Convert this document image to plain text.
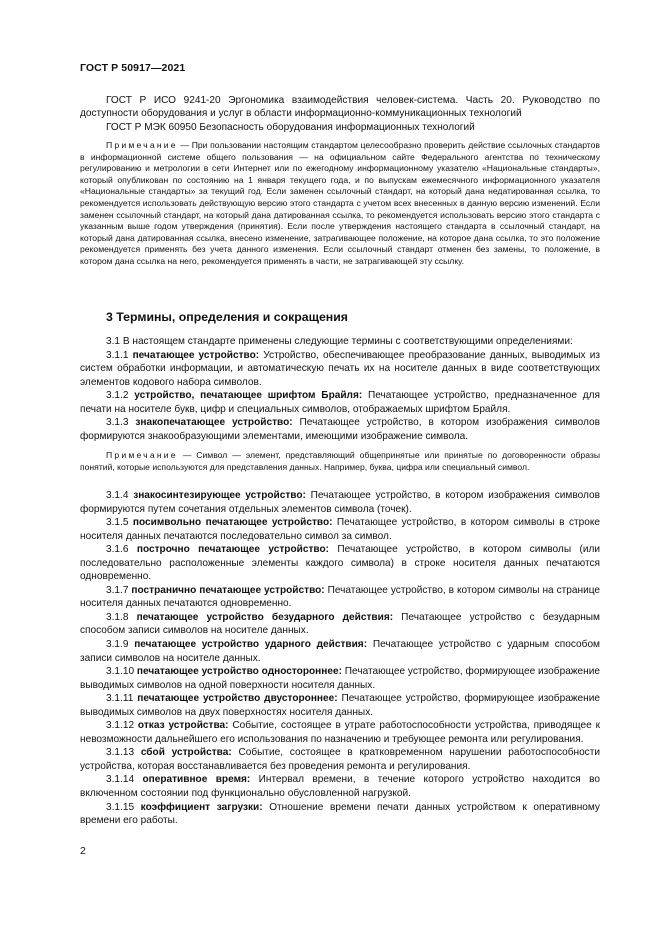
ГОСТ Р 50917—2021

ГОСТ Р ИСО 9241-20 Эргономика взаимодействия человек-система. Часть 20. Руководство по доступности оборудования и услуг в области информационно-коммуникационных технологий

ГОСТ Р МЭК 60950 Безопасность оборудования информационных технологий

Примечание — При пользовании настоящим стандартом целесообразно проверить действие ссылочных стандартов в информационной системе общего пользования — на официальном сайте Федерального агентства по техническому регулированию и метрологии в сети Интернет или по ежегодному информационному указателю «Национальные стандарты», который опубликован по состоянию на 1 января текущего года, и по выпускам ежемесячного информационного указателя «Национальные стандарты» за текущий год. Если заменен ссылочный стандарт, на который дана недатированная ссылка, то рекомендуется использовать действующую версию этого стандарта с учетом всех внесенных в данную версию изменений. Если заменен ссылочный стандарт, на который дана датированная ссылка, то рекомендуется использовать версию этого стандарта с указанным выше годом утверждения (принятия). Если после утверждения настоящего стандарта в ссылочный стандарт, на который дана датированная ссылка, внесено изменение, затрагивающее положение, на которое дана ссылка, то это положение рекомендуется применять без учета данного изменения. Если ссылочный стандарт отменен без замены, то положение, в котором дана ссылка на него, рекомендуется применять в части, не затрагивающей эту ссылку.
3 Термины, определения и сокращения

3.1 В настоящем стандарте применены следующие термины с соответствующими определениями:

3.1.1 печатающее устройство: Устройство, обеспечивающее преобразование данных, выводимых из систем обработки информации, и автоматическую печать их на носителе данных в виде соответствующих элементов кодового набора символов.

3.1.2 устройство, печатающее шрифтом Брайля: Печатающее устройство, предназначенное для печати на носителе букв, цифр и специальных символов, отображаемых шрифтом Брайля.

3.1.3 знакопечатающее устройство: Печатающее устройство, в котором изображения символов формируются знакообразующими элементами, имеющими изображение символа.

Примечание — Символ — элемент, представляющий общепринятые или принятые по договоренности образы понятий, которые используются для представления данных. Например, буква, цифра или специальный символ.

3.1.4 знакосинтезирующее устройство: Печатающее устройство, в котором изображения символов формируются путем сочетания отдельных элементов символа (точек).

3.1.5 посимвольно печатающее устройство: Печатающее устройство, в котором символы в строке носителя данных печатаются последовательно символ за символ.

3.1.6 построчно печатающее устройство: Печатающее устройство, в котором символы (или последовательно расположенные элементы каждого символа) в строке носителя данных печатаются одновременно.

3.1.7 постранично печатающее устройство: Печатающее устройство, в котором символы на странице носителя данных печатаются одновременно.

3.1.8 печатающее устройство безударного действия: Печатающее устройство с безударным способом записи символов на носителе данных.

3.1.9 печатающее устройство ударного действия: Печатающее устройство с ударным способом записи символов на носителе данных.

3.1.10 печатающее устройство одностороннее: Печатающее устройство, формирующее изображение выводимых символов на одной поверхности носителя данных.

3.1.11 печатающее устройство двустороннее: Печатающее устройство, формирующее изображение выводимых символов на двух поверхностях носителя данных.

3.1.12 отказ устройства: Событие, состоящее в утрате работоспособности устройства, приводящее к невозможности дальнейшего его использования по назначению и требующее ремонта или регулирования.

3.1.13 сбой устройства: Событие, состоящее в кратковременном нарушении работоспособности устройства, которая восстанавливается без проведения ремонта и регулирования.

3.1.14 оперативное время: Интервал времени, в течение которого устройство находится во включенном состоянии под функционально обусловленной нагрузкой.

3.1.15 коэффициент загрузки: Отношение времени печати данных устройством к оперативному времени его работы.

2
